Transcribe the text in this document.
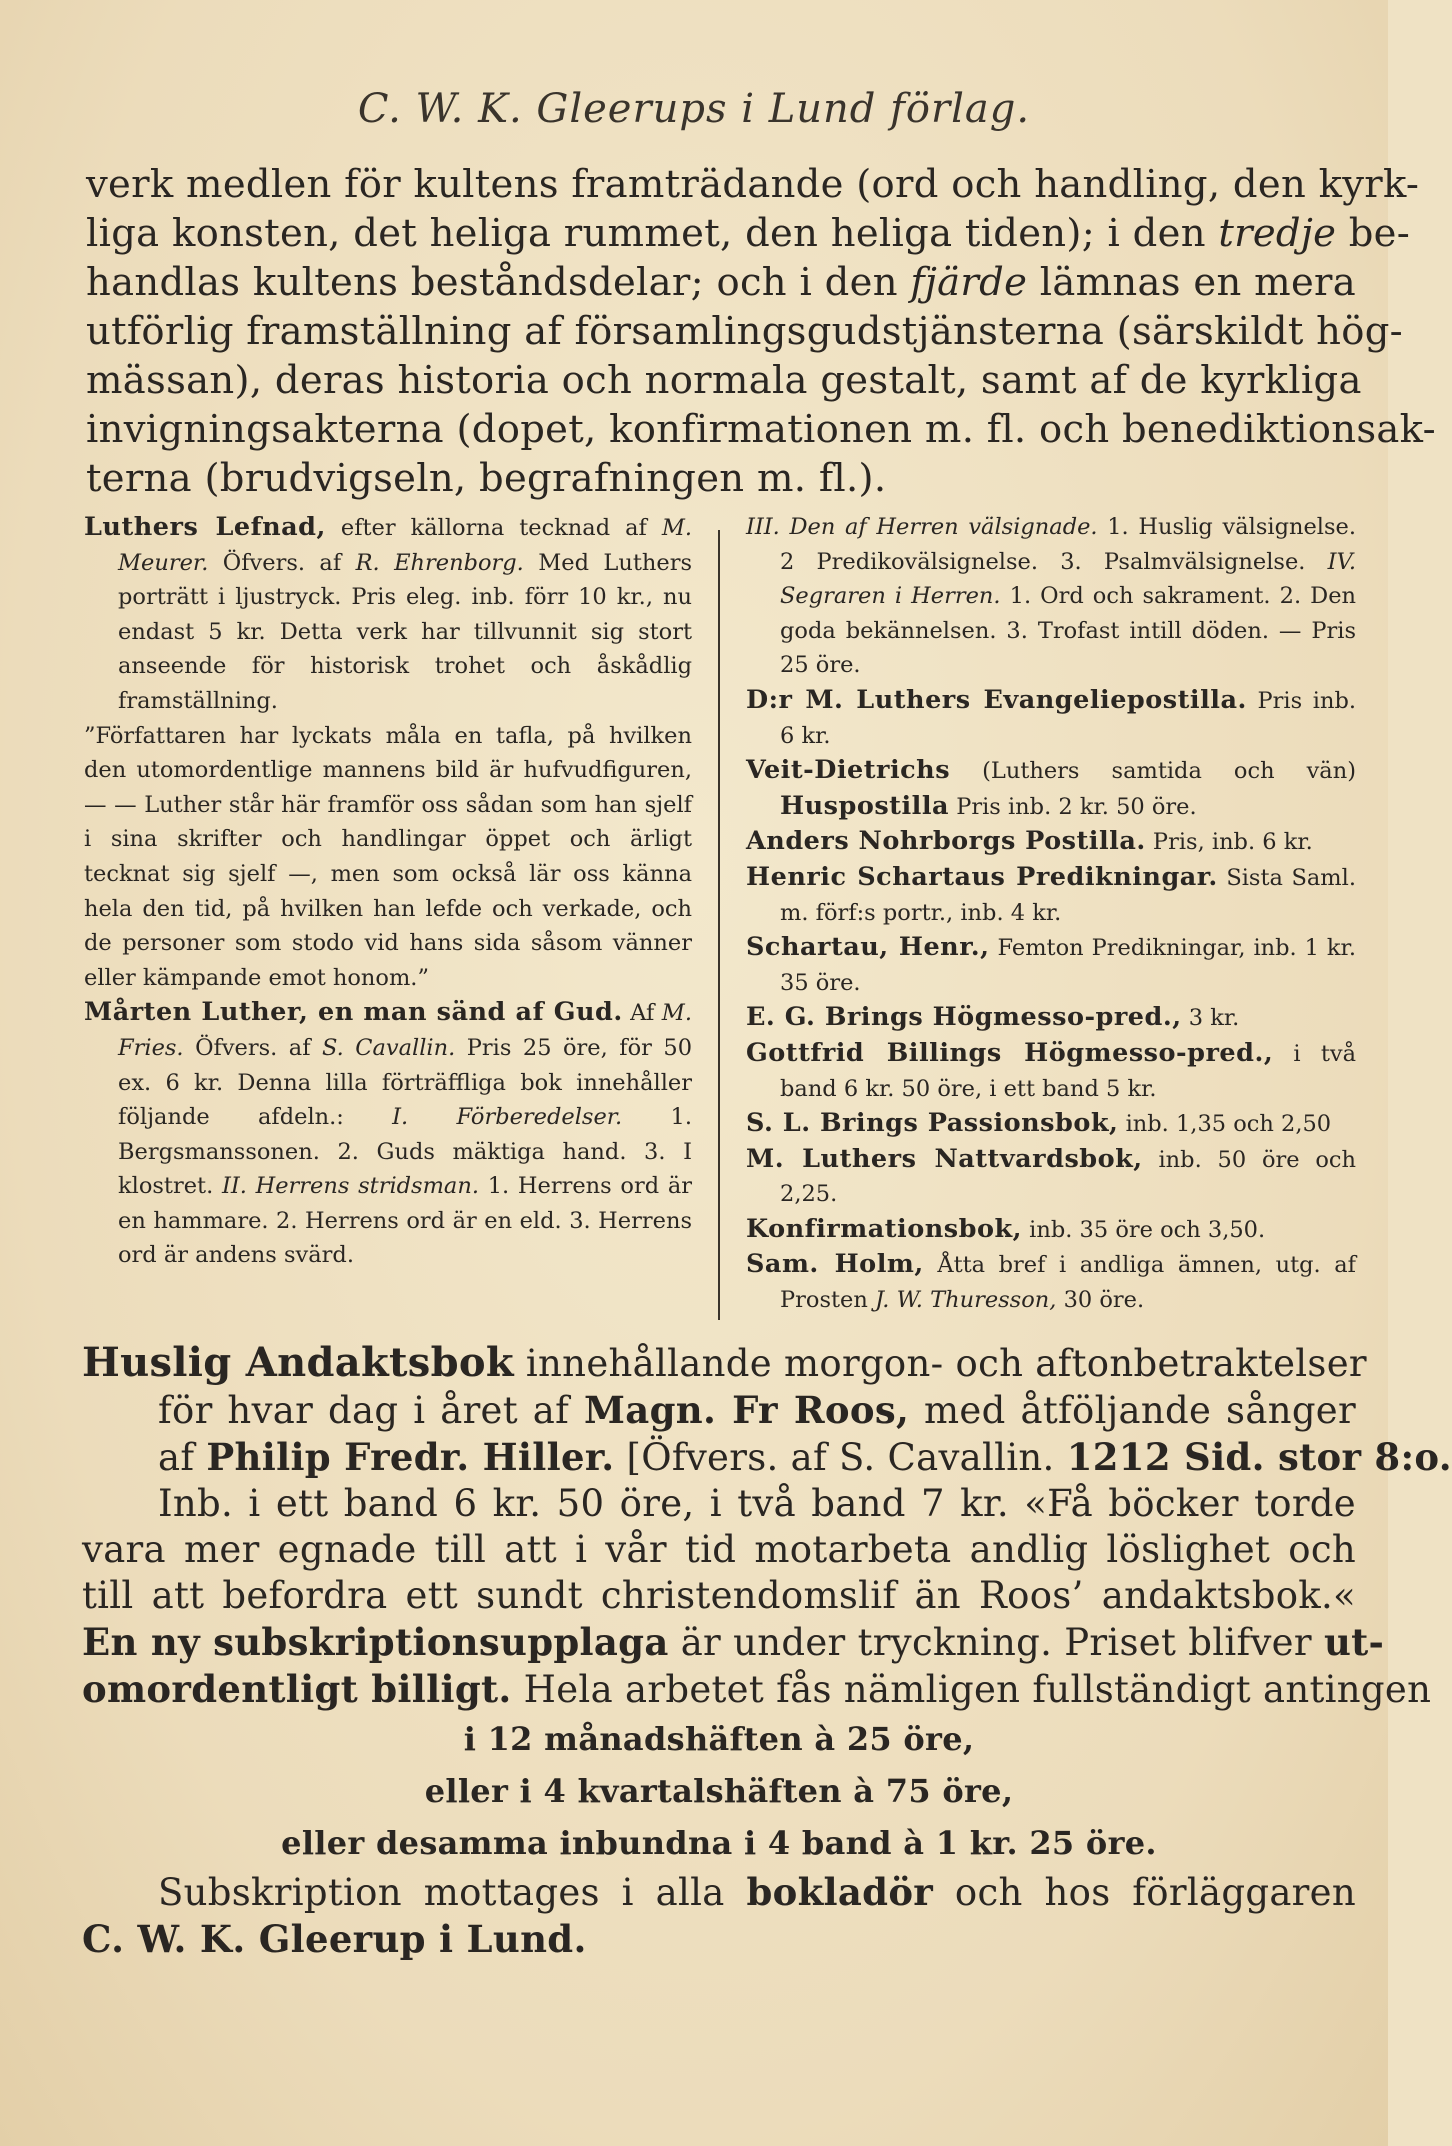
C. W. K. Gleerups i Lund förlag.
verk medlen för kultens framträdande (ord och handling, den kyrk-
liga konsten, det heliga rummet, den heliga tiden); i den tredje be-
handlas kultens beståndsdelar; och i den fjärde lämnas en mera
utförlig framställning af församlingsgudstjänsterna (särskildt hög-
mässan), deras historia och normala gestalt, samt af de kyrkliga
invigningsakterna (dopet, konfirmationen m. fl. och benediktionsak-
terna (brudvigseln, begrafningen m. fl.).

Luthers Lefnad, efter källorna tecknad af M. Meurer. Öfvers. af R. Ehrenborg. Med Luthers porträtt i ljustryck. Pris eleg. inb. förr 10 kr., nu endast 5 kr. Detta verk har tillvunnit sig stort anseende för historisk trohet och åskådlig framställning.

”Författaren har lyckats måla en tafla, på hvilken den utomordentlige mannens bild är hufvudfiguren, — — Luther står här framför oss sådan som han sjelf i sina skrifter och handlingar öppet och ärligt tecknat sig sjelf —, men som också lär oss känna hela den tid, på hvilken han lefde och verkade, och de personer som stodo vid hans sida såsom vänner eller kämpande emot honom.”

Mårten Luther, en man sänd af Gud. Af M. Fries. Öfvers. af S. Cavallin. Pris 25 öre, för 50 ex. 6 kr. Denna lilla förträffliga bok innehåller följande afdeln.: I. Förberedelser. 1. Bergsmanssonen. 2. Guds mäktiga hand. 3. I klostret. II. Herrens stridsman. 1. Herrens ord är en hammare. 2. Herrens ord är en eld. 3. Herrens ord är andens svärd.

III. Den af Herren välsignade. 1. Huslig välsignelse. 2 Predikovälsignelse. 3. Psalmvälsignelse. IV. Segraren i Herren. 1. Ord och sakrament. 2. Den goda bekännelsen. 3. Trofast intill döden. — Pris 25 öre.

D:r M. Luthers Evangeliepostilla. Pris inb. 6 kr.

Veit-Dietrichs (Luthers samtida och vän) Huspostilla Pris inb. 2 kr. 50 öre.

Anders Nohrborgs Postilla. Pris, inb. 6 kr.

Henric Schartaus Predikningar. Sista Saml. m. förf:s portr., inb. 4 kr.

Schartau, Henr., Femton Predikningar, inb. 1 kr. 35 öre.

E. G. Brings Högmesso-pred., 3 kr.

Gottfrid Billings Högmesso-pred., i två band 6 kr. 50 öre, i ett band 5 kr.

S. L. Brings Passionsbok, inb. 1,35 och 2,50

M. Luthers Nattvardsbok, inb. 50 öre och 2,25.

Konfirmationsbok, inb. 35 öre och 3,50.

Sam. Holm, Åtta bref i andliga ämnen, utg. af Prosten J. W. Thuresson, 30 öre.

Huslig Andaktsbok innehållande morgon- och aftonbetraktelser
för hvar dag i året af Magn. Fr Roos, med åtföljande sånger
af Philip Fredr. Hiller. [Öfvers. af S. Cavallin. 1212 Sid. stor 8:o.
Inb. i ett band 6 kr. 50 öre, i två band 7 kr. «Få böcker torde
vara mer egnade till att i vår tid motarbeta andlig löslighet och
till att befordra ett sundt christendomslif än Roos’ andaktsbok.«
En ny subskriptionsupplaga är under tryckning. Priset blifver ut-
omordentligt billigt. Hela arbetet fås nämligen fullständigt antingen
i 12 månadshäften à 25 öre,
eller i 4 kvartalshäften à 75 öre,
eller desamma inbundna i 4 band à 1 kr. 25 öre.
Subskription mottages i alla bokladör och hos förläggaren
C. W. K. Gleerup i Lund.
